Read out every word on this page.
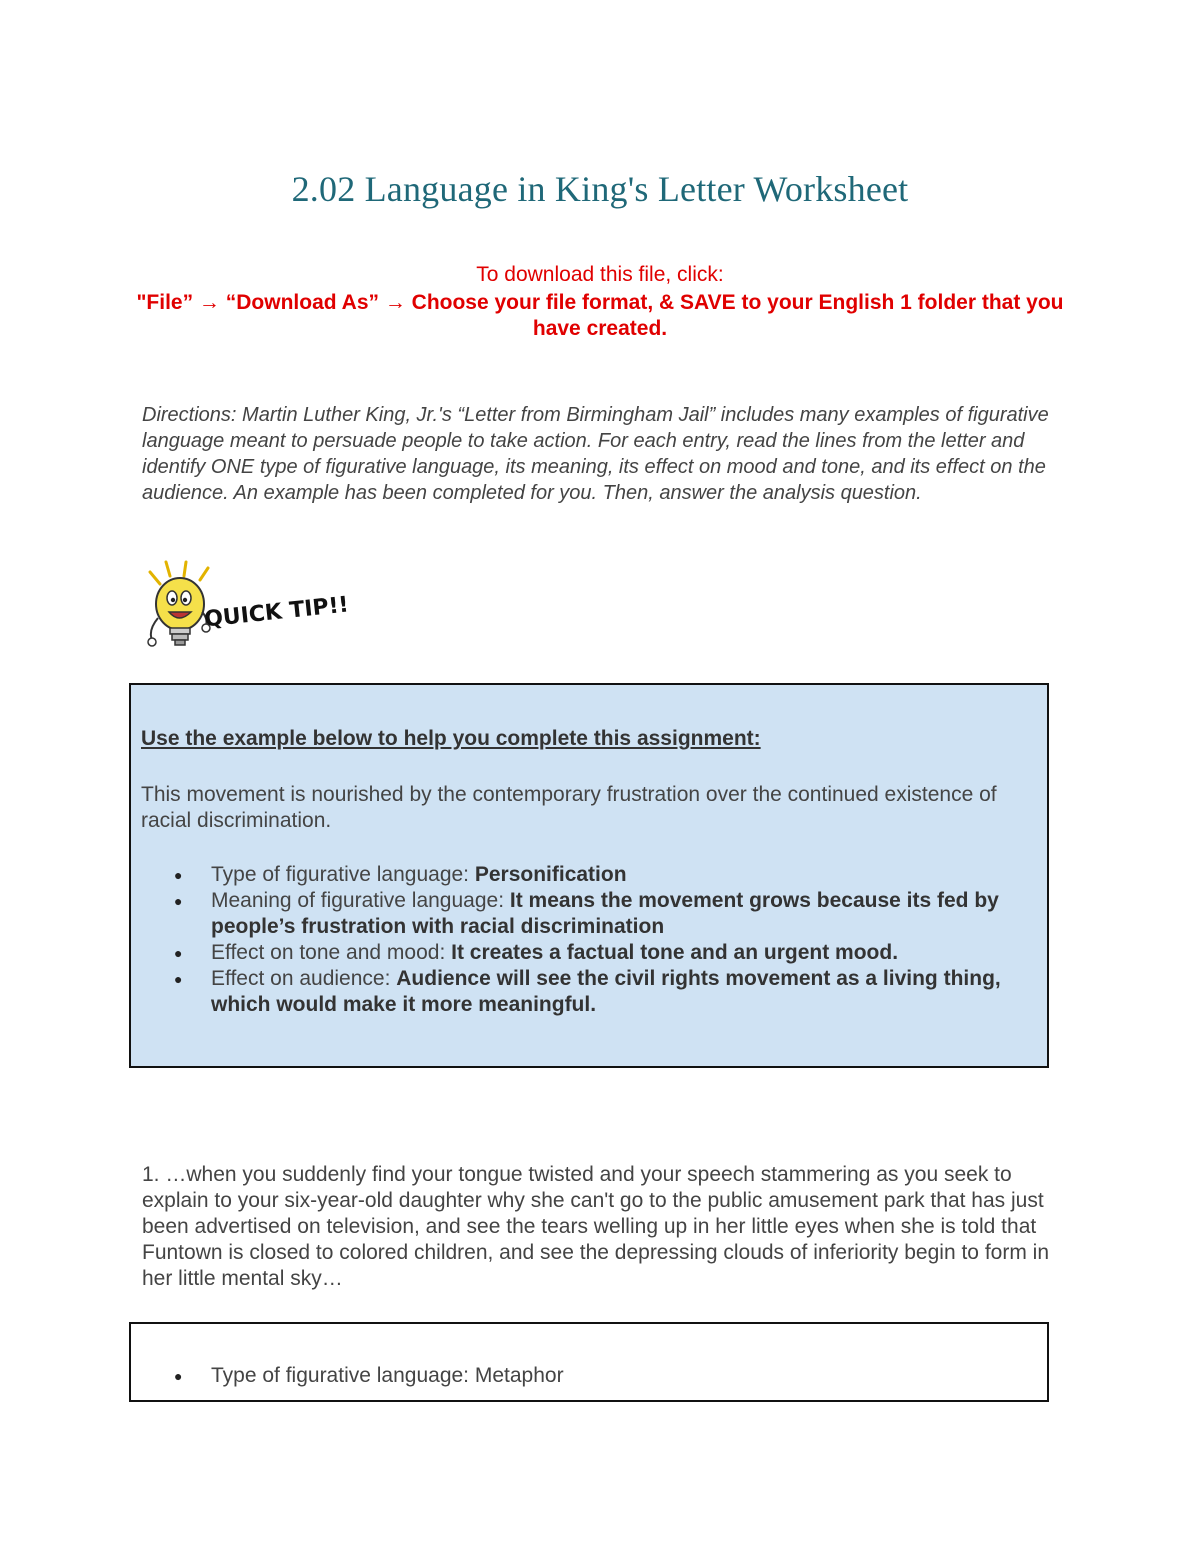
2.02 Language in King's Letter Worksheet
To download this file, click:
"File” → “Download As” → Choose your file format, & SAVE to your English 1 folder that you have created.

Directions: Martin Luther King, Jr.'s “Letter from Birmingham Jail” includes many examples of figurative language meant to persuade people to take action. For each entry, read the lines from the letter and identify ONE type of figurative language, its meaning, its effect on mood and tone, and its effect on the audience. An example has been completed for you. Then, answer the analysis question.

QUICK TIP!!

Use the example below to help you complete this assignment:

This movement is nourished by the contemporary frustration over the continued existence of racial discrimination.

● Type of figurative language: Personification
● Meaning of figurative language: It means the movement grows because its fed by people’s frustration with racial discrimination
● Effect on tone and mood: It creates a factual tone and an urgent mood.
● Effect on audience: Audience will see the civil rights movement as a living thing, which would make it more meaningful.

1. …when you suddenly find your tongue twisted and your speech stammering as you seek to explain to your six-year-old daughter why she can't go to the public amusement park that has just been advertised on television, and see the tears welling up in her little eyes when she is told that Funtown is closed to colored children, and see the depressing clouds of inferiority begin to form in her little mental sky…

● Type of figurative language: Metaphor
